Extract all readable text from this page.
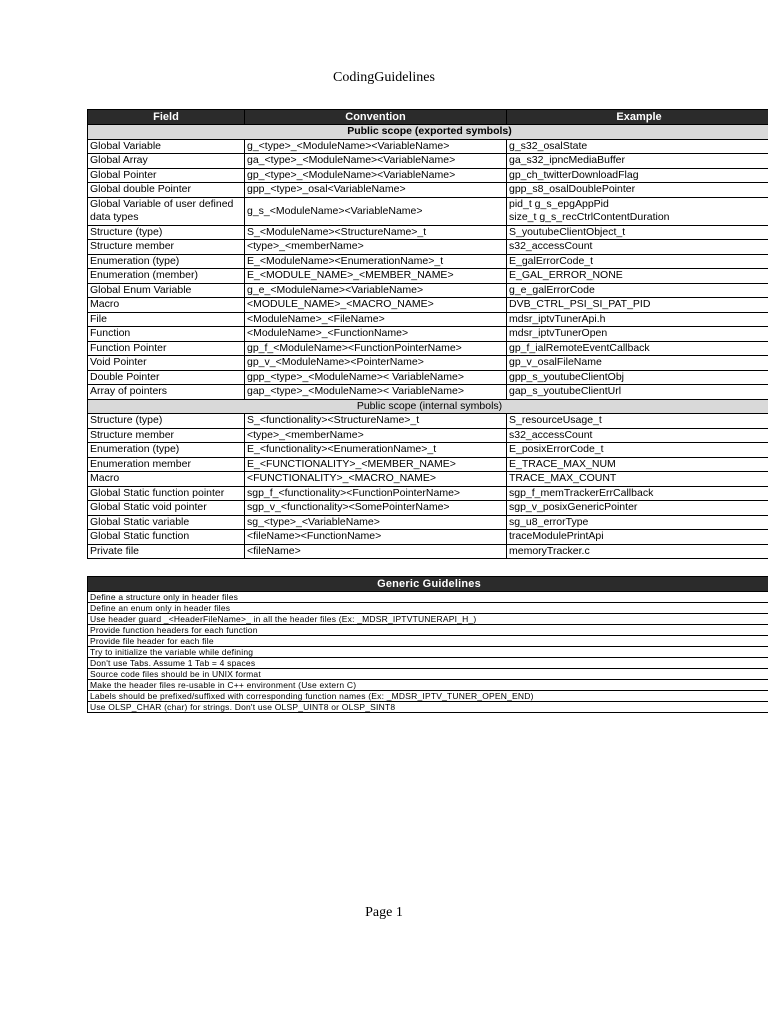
CodingGuidelines
Field	Convention	Example
Public scope (exported symbols)		
Global Variable	g_<type>_<ModuleName><VariableName>	g_s32_osalState
Global Array	ga_<type>_<ModuleName><VariableName>	ga_s32_ipncMediaBuffer
Global Pointer	gp_<type>_<ModuleName><VariableName>	gp_ch_twitterDownloadFlag
Global double Pointer	gpp_<type>_osal<VariableName>	gpp_s8_osalDoublePointer
Global Variable of user defined data types	g_s_<ModuleName><VariableName>	pid_t g_s_epgAppPid
size_t g_s_recCtrlContentDuration
Structure (type)	S_<ModuleName><StructureName>_t	S_youtubeClientObject_t
Structure member	<type>_<memberName>	s32_accessCount
Enumeration (type)	E_<ModuleName><EnumerationName>_t	E_galErrorCode_t
Enumeration (member)	E_<MODULE_NAME>_<MEMBER_NAME>	E_GAL_ERROR_NONE
Global Enum Variable	g_e_<ModuleName><VariableName>	g_e_galErrorCode
Macro	<MODULE_NAME>_<MACRO_NAME>	DVB_CTRL_PSI_SI_PAT_PID
File	<ModuleName>_<FileName>	mdsr_iptvTunerApi.h
Function	<ModuleName>_<FunctionName>	mdsr_iptvTunerOpen
Function Pointer	gp_f_<ModuleName><FunctionPointerName>	gp_f_ialRemoteEventCallback
Void Pointer	gp_v_<ModuleName><PointerName>	gp_v_osalFileName
Double Pointer	gpp_<type>_<ModuleName>< VariableName>	gpp_s_youtubeClientObj
Array of pointers	gap_<type>_<ModuleName>< VariableName>	gap_s_youtubeClientUrl
Public scope (internal symbols)		
Structure (type)	S_<functionality><StructureName>_t	S_resourceUsage_t
Structure member	<type>_<memberName>	s32_accessCount
Enumeration (type)	E_<functionality><EnumerationName>_t	E_posixErrorCode_t
Enumeration member	E_<FUNCTIONALITY>_<MEMBER_NAME>	E_TRACE_MAX_NUM
Macro	<FUNCTIONALITY>_<MACRO_NAME>	TRACE_MAX_COUNT
Global Static function pointer	sgp_f_<functionality><FunctionPointerName>	sgp_f_memTrackerErrCallback
Global Static void pointer	sgp_v_<functionality><SomePointerName>	sgp_v_posixGenericPointer
Global Static variable	sg_<type>_<VariableName>	sg_u8_errorType
Global Static function	<fileName><FunctionName>	traceModulePrintApi
Private file	<fileName>	memoryTracker.c
Generic Guidelines
Define a structure only in header files
Define an enum only in header files
Use header guard _<HeaderFileName>_ in all the header files (Ex: _MDSR_IPTVTUNERAPI_H_)
Provide function headers for each function
Provide file header for each file
Try to initialize the variable while defining
Don't use Tabs. Assume 1 Tab = 4 spaces
Source code files should be in UNIX format
Make the header files re-usable in C++ environment (Use extern C)
Labels should be prefixed/suffixed with corresponding function names (Ex: _MDSR_IPTV_TUNER_OPEN_END)
Use OLSP_CHAR (char) for strings. Don't use OLSP_UINT8 or OLSP_SINT8
Page 1
